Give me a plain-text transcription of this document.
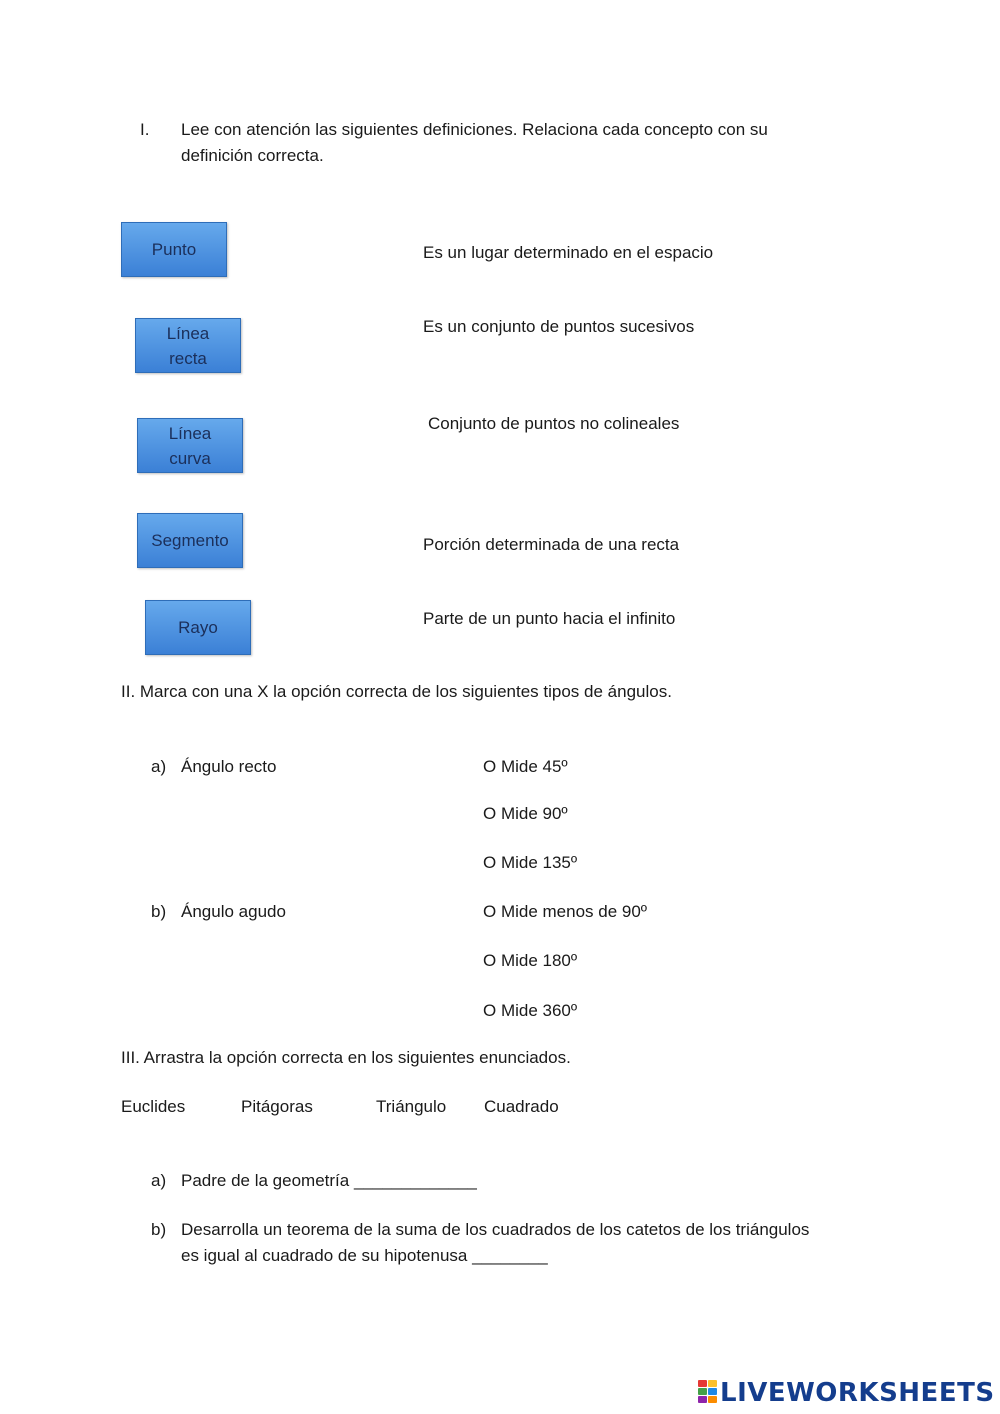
I. Lee con atención las siguientes definiciones. Relaciona cada concepto con su
definición correcta.
Punto
Línea
recta
Línea
curva
Segmento
Rayo
Es un lugar determinado en el espacio
Es un conjunto de puntos sucesivos
Conjunto de puntos no colineales
Porción determinada de una recta
Parte de un punto hacia el infinito
II. Marca con una X la opción correcta de los siguientes tipos de ángulos.
a) Ángulo recto	O Mide 45º
O Mide 90º
O Mide 135º
b) Ángulo agudo	O Mide menos de 90º
O Mide 180º
O Mide 360º
III. Arrastra la opción correcta en los siguientes enunciados.
Euclides	Pitágoras	Triángulo Cuadrado
a) Padre de la geometría _____________
b) Desarrolla un teorema de la suma de los cuadrados de los catetos de los triángulos
es igual al cuadrado de su hipotenusa ________
LIVEWORKSHEETS
